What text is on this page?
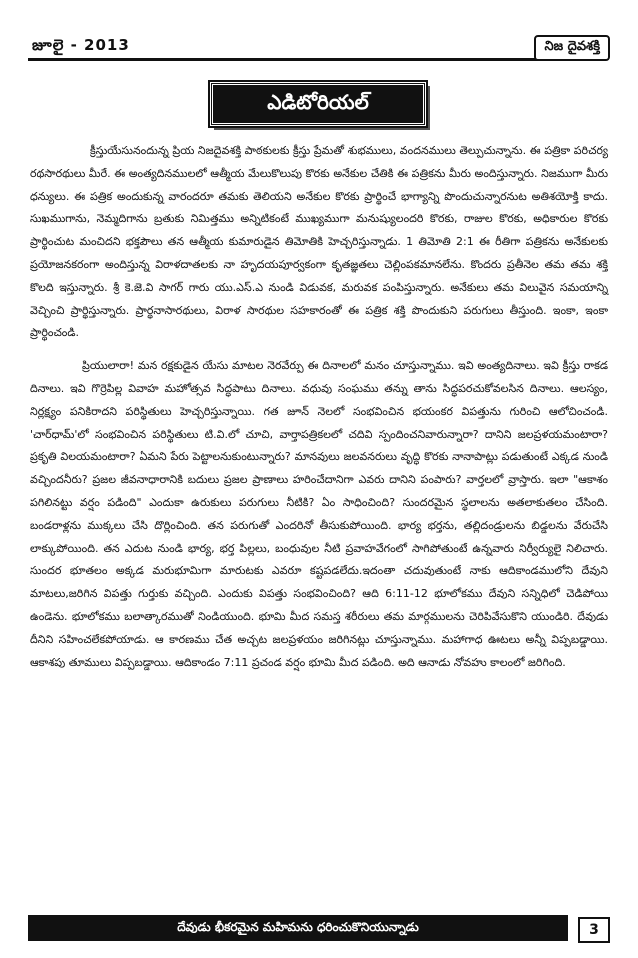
జూలై - 2013	నిజ దైవశక్తి
ఎడిటోరియల్

క్రీస్తుయేసునందున్న ప్రియ నిజదైవశక్తి పాఠకులకు క్రీస్తు ప్రేమతో శుభములు, వందనములు తెల్పుచున్నాను. ఈ పత్రికా పరిచర్య రథసారథులు మీరే. ఈ అంత్యదినములలో ఆత్మీయ మేలుకొలుపు కొరకు అనేకుల చేతికి ఈ పత్రికను మీరు అందిస్తున్నారు. నిజముగా మీరు ధన్యులు. ఈ పత్రిక అందుకున్న వారందరూ తమకు తెలియని అనేకుల కొరకు ప్రార్థించే భాగ్యాన్ని పొందుచున్నారనుట అతిశయోక్తి కాదు. సుఖముగాను, నెమ్మదిగాను బ్రతుకు నిమిత్తము అన్నిటికంటే ముఖ్యముగా మనుష్యులందరి కొరకు, రాజుల కొరకు, అధికారుల కొరకు ప్రార్థించుట మంచిదని భక్తపౌలు తన ఆత్మీయ కుమారుడైన తిమోతికి హెచ్చరిస్తున్నాడు. 1 తిమోతి 2:1 ఈ రీతిగా పత్రికను అనేకులకు ప్రయోజనకరంగా అందిస్తున్న విరాళదాతలకు నా హృదయపూర్వకంగా కృతజ్ఞతలు చెల్లింపకమానలేను. కొందరు ప్రతీనెల తమ తమ శక్తి కొలది ఇస్తున్నారు. శ్రీ కె.జె.వి సాగర్ గారు యు.ఎస్.ఎ నుండి విడువక, మరువక పంపిస్తున్నారు. అనేకులు తమ విలువైన సమయాన్ని వెచ్చించి ప్రార్థిస్తున్నారు. ప్రార్థనాసారథులు, విరాళ సారథుల సహకారంతో ఈ పత్రిక శక్తి పొందుకుని పరుగులు తీస్తుంది. ఇంకా, ఇంకా ప్రార్థించండి.

ప్రియులారా! మన రక్షకుడైన యేసు మాటల నెరవేర్పు ఈ దినాలలో మనం చూస్తున్నాము. ఇవి అంత్యదినాలు. ఇవి క్రీస్తు రాకడ దినాలు. ఇవి గొర్రెపిల్ల వివాహ మహోత్సవ సిద్ధపాటు దినాలు. వధువు సంఘము తన్ను తాను సిద్ధపరచుకోవలసిన దినాలు. ఆలస్యం, నిర్లక్ష్యం పనికిరాదని పరిస్థితులు హెచ్చరిస్తున్నాయి. గత జూన్ నెలలో సంభవించిన భయంకర విపత్తును గురించి ఆలోచించండి. 'చార్‌ధామ్'లో సంభవించిన పరిస్థితులు టి.వి.లో చూచి, వార్తాపత్రికలలో చదివి స్పందించనివారున్నారా? దానిని జలప్రళయమంటారా? ప్రకృతి విలయమంటారా? ఏమని పేరు పెట్టాలనుకుంటున్నారు? మానవులు జలవనరులు వృద్ధి కొరకు నానాపాట్లు పడుతుంటే ఎక్కడ నుండి వచ్చిందనీరు? ప్రజల జీవనాధారానికి బదులు ప్రజల ప్రాణాలు హరించేదానిగా ఎవరు దానిని పంపారు? వార్తలలో వ్రాస్తారు. ఇలా "ఆకాశం పగిలినట్టు వర్షం పడింది" ఎందుకా ఉరుకులు పరుగులు నీటికి? ఏం సాధించింది? సుందరమైన స్థలాలను అతలాకుతలం చేసింది. బండరాళ్లను ముక్కలు చేసి దొర్లించింది. తన పరుగుతో ఎందరినో తీసుకుపోయింది. భార్య భర్తను, తల్లిదండ్రులను బిడ్డలను వేరుచేసి లాక్కుపోయింది. తన ఎదుట నుండి భార్య, భర్త పిల్లలు, బంధువుల నీటి ప్రవాహవేగంలో సాగిపోతుంటే ఉన్నవారు నిర్వీర్యులై నిలిచారు. సుందర భూతలం అక్కడ మరుభూమిగా మారుటకు ఎవరూ కష్టపడలేదు.ఇదంతా చదువుతుంటే నాకు ఆదికాండములోని దేవుని మాటలు,జరిగిన విపత్తు గుర్తుకు వచ్చింది. ఎందుకు విపత్తు సంభవించింది? ఆది 6:11-12 భూలోకము దేవుని సన్నిధిలో చెడిపోయి ఉండెను. భూలోకము బలాత్కారముతో నిండియుంది. భూమి మీద సమస్త శరీరులు తమ మార్గములను చెరిపివేసుకొని యుండిరి. దేవుడు దీనిని సహించలేకపోయాడు. ఆ కారణము చేత అచ్చట జలప్రళయం జరిగినట్లు చూస్తున్నాము. మహాగాధ ఊటలు అన్నీ విప్పబడ్డాయి. ఆకాశపు తూములు విప్పబడ్డాయి. ఆదికాండం 7:11 ప్రచండ వర్షం భూమి మీద పడింది. అది ఆనాడు నోవహు కాలంలో జరిగింది.

దేవుడు భీకరమైన మహిమను ధరించుకొనియున్నాడు	3
